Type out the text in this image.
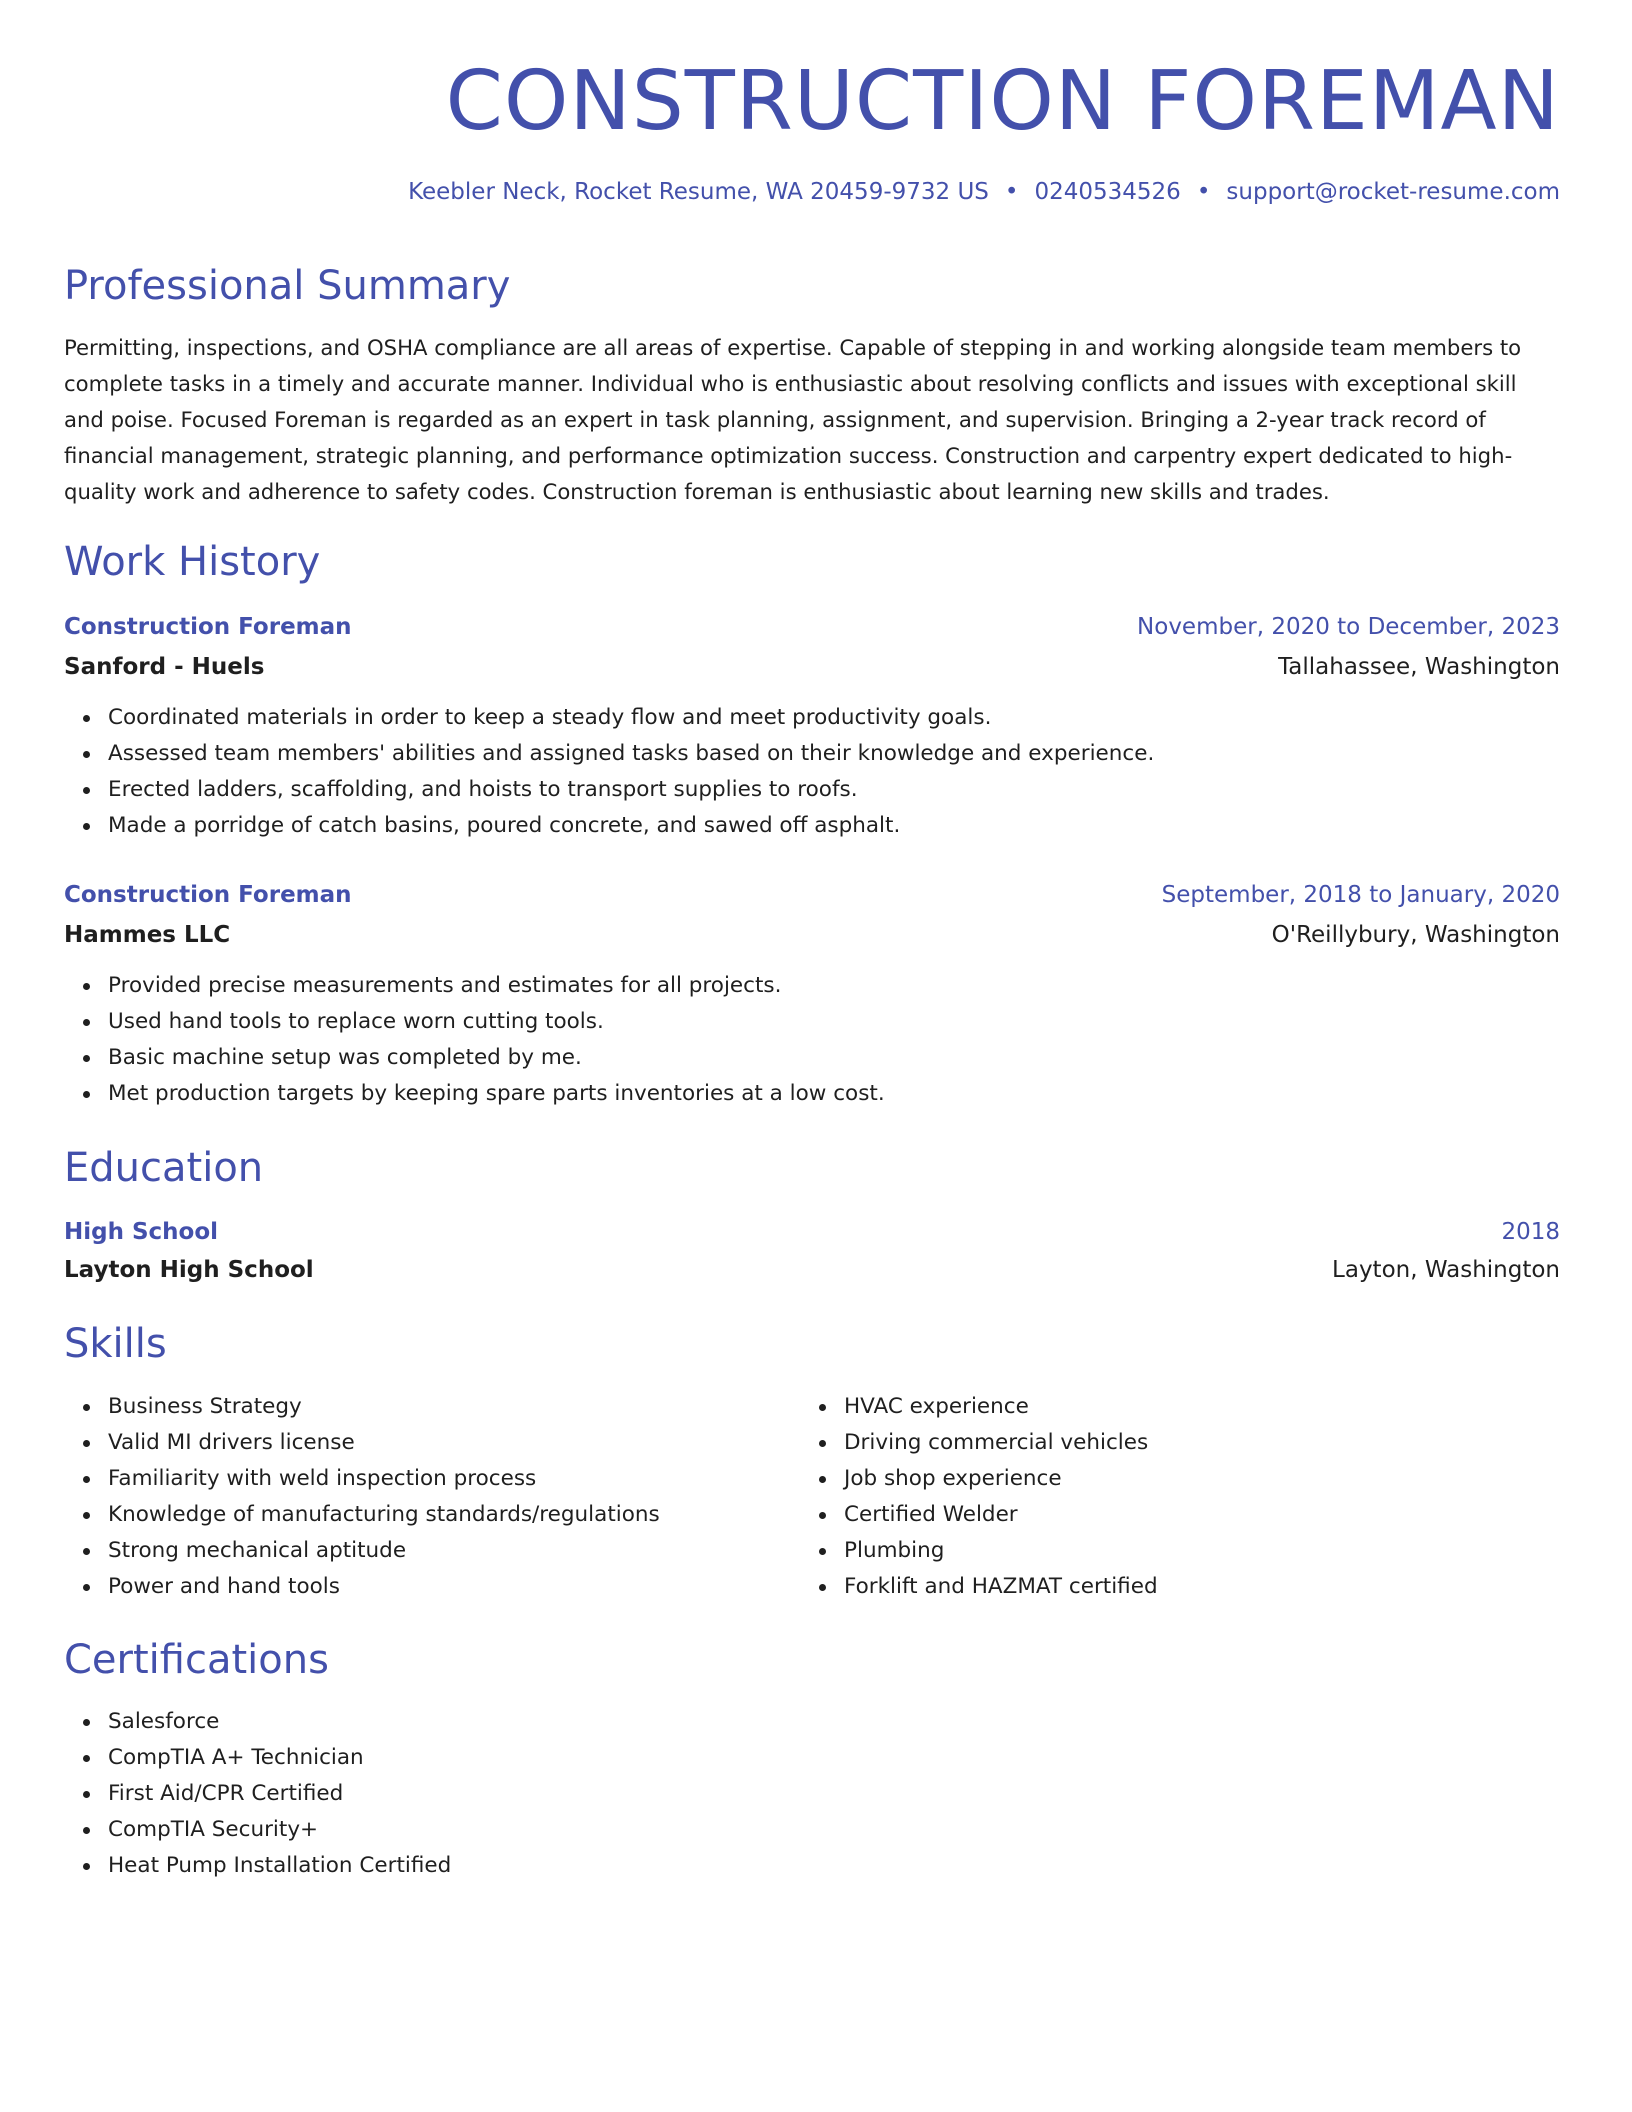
CONSTRUCTION FOREMAN
Keebler Neck, Rocket Resume, WA 20459-9732 US • 0240534526 • support@rocket-resume.com
Professional Summary
Permitting, inspections, and OSHA compliance are all areas of expertise. Capable of stepping in and working alongside team members to complete tasks in a timely and accurate manner. Individual who is enthusiastic about resolving conflicts and issues with exceptional skill and poise. Focused Foreman is regarded as an expert in task planning, assignment, and supervision. Bringing a 2-year track record of financial management, strategic planning, and performance optimization success. Construction and carpentry expert dedicated to high-quality work and adherence to safety codes. Construction foreman is enthusiastic about learning new skills and trades.
Work History
Construction Foreman	November, 2020 to December, 2023
Sanford - Huels	Tallahassee, Washington
Coordinated materials in order to keep a steady flow and meet productivity goals.
Assessed team members' abilities and assigned tasks based on their knowledge and experience.
Erected ladders, scaffolding, and hoists to transport supplies to roofs.
Made a porridge of catch basins, poured concrete, and sawed off asphalt.
Construction Foreman	September, 2018 to January, 2020
Hammes LLC	O'Reillybury, Washington
Provided precise measurements and estimates for all projects.
Used hand tools to replace worn cutting tools.
Basic machine setup was completed by me.
Met production targets by keeping spare parts inventories at a low cost.
Education
High School	2018
Layton High School	Layton, Washington
Skills
Business Strategy
Valid MI drivers license
Familiarity with weld inspection process
Knowledge of manufacturing standards/regulations
Strong mechanical aptitude
Power and hand tools
HVAC experience
Driving commercial vehicles
Job shop experience
Certified Welder
Plumbing
Forklift and HAZMAT certified
Certifications
Salesforce
CompTIA A+ Technician
First Aid/CPR Certified
CompTIA Security+
Heat Pump Installation Certified
